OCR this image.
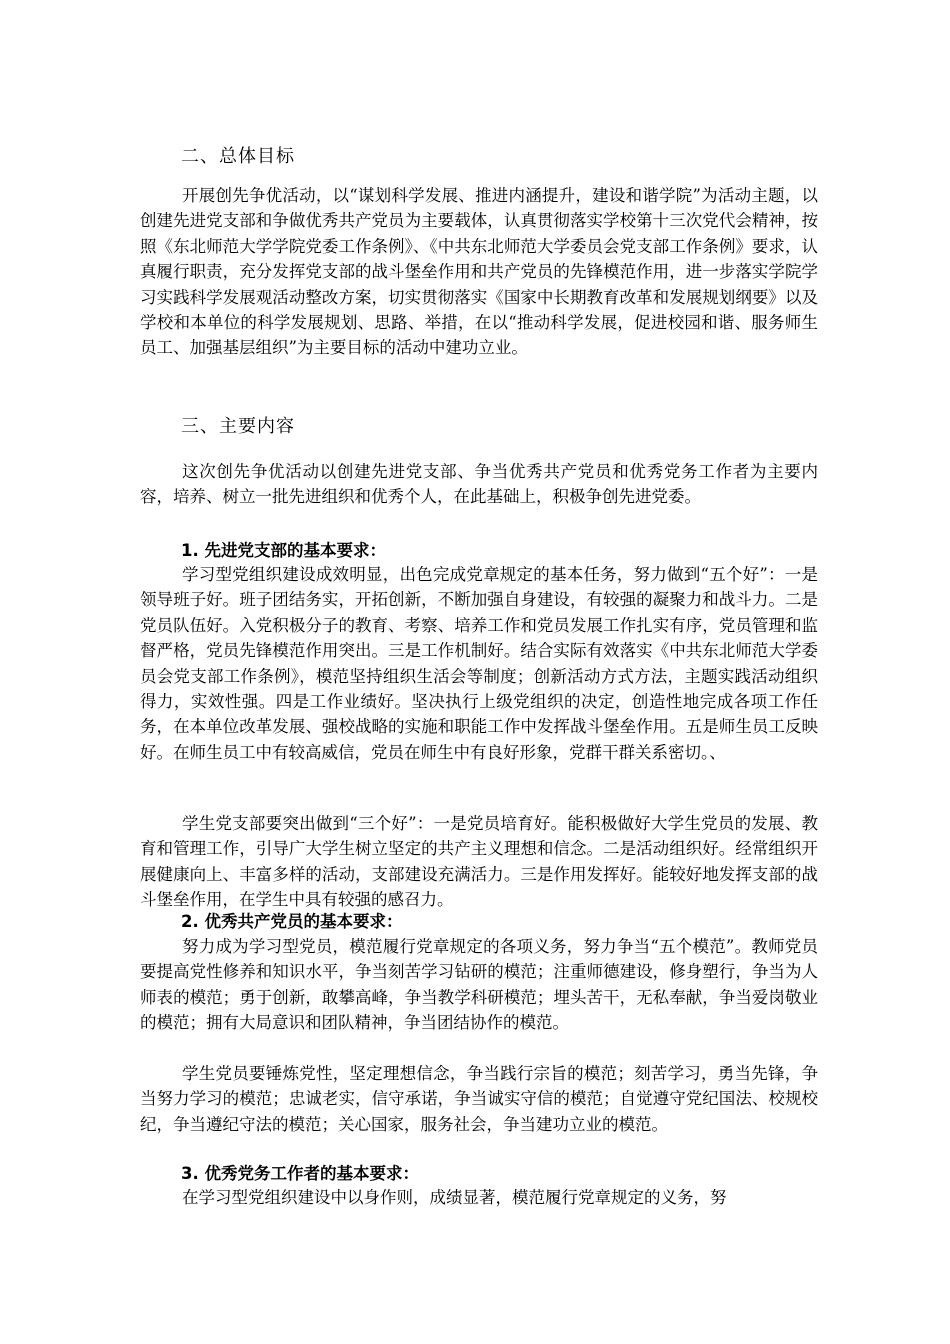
二、总体目标
开展创先争优活动，以“谋划科学发展、推进内涵提升，建设和谐学院”为活动主题，以创建先进党支部和争做优秀共产党员为主要载体，认真贯彻落实学校第十三次党代会精神，按照《东北师范大学学院党委工作条例》、《中共东北师范大学委员会党支部工作条例》要求，认真履行职责，充分发挥党支部的战斗堡垒作用和共产党员的先锋模范作用，进一步落实学院学习实践科学发展观活动整改方案，切实贯彻落实《国家中长期教育改革和发展规划纲要》以及学校和本单位的科学发展规划、思路、举措，在以“推动科学发展，促进校园和谐、服务师生员工、加强基层组织”为主要目标的活动中建功立业。
三、主要内容
这次创先争优活动以创建先进党支部、争当优秀共产党员和优秀党务工作者为主要内容，培养、树立一批先进组织和优秀个人，在此基础上，积极争创先进党委。
1. 先进党支部的基本要求：
学习型党组织建设成效明显，出色完成党章规定的基本任务，努力做到“五个好”：一是领导班子好。班子团结务实，开拓创新，不断加强自身建设，有较强的凝聚力和战斗力。二是党员队伍好。入党积极分子的教育、考察、培养工作和党员发展工作扎实有序，党员管理和监督严格，党员先锋模范作用突出。三是工作机制好。结合实际有效落实《中共东北师范大学委员会党支部工作条例》，模范坚持组织生活会等制度；创新活动方式方法，主题实践活动组织得力，实效性强。四是工作业绩好。坚决执行上级党组织的决定，创造性地完成各项工作任务，在本单位改革发展、强校战略的实施和职能工作中发挥战斗堡垒作用。五是师生员工反映好。在师生员工中有较高威信，党员在师生中有良好形象，党群干群关系密切。、
学生党支部要突出做到“三个好”：一是党员培育好。能积极做好大学生党员的发展、教育和管理工作，引导广大学生树立坚定的共产主义理想和信念。二是活动组织好。经常组织开展健康向上、丰富多样的活动，支部建设充满活力。三是作用发挥好。能较好地发挥支部的战斗堡垒作用，在学生中具有较强的感召力。
2. 优秀共产党员的基本要求：
努力成为学习型党员，模范履行党章规定的各项义务，努力争当“五个模范”。教师党员要提高党性修养和知识水平，争当刻苦学习钻研的模范；注重师德建设，修身塑行，争当为人师表的模范；勇于创新，敢攀高峰，争当教学科研模范；埋头苦干，无私奉献，争当爱岗敬业的模范；拥有大局意识和团队精神，争当团结协作的模范。
学生党员要锤炼党性，坚定理想信念，争当践行宗旨的模范；刻苦学习，勇当先锋，争当努力学习的模范；忠诚老实，信守承诺，争当诚实守信的模范；自觉遵守党纪国法、校规校纪，争当遵纪守法的模范；关心国家，服务社会，争当建功立业的模范。
3. 优秀党务工作者的基本要求：
在学习型党组织建设中以身作则，成绩显著，模范履行党章规定的义务，努
